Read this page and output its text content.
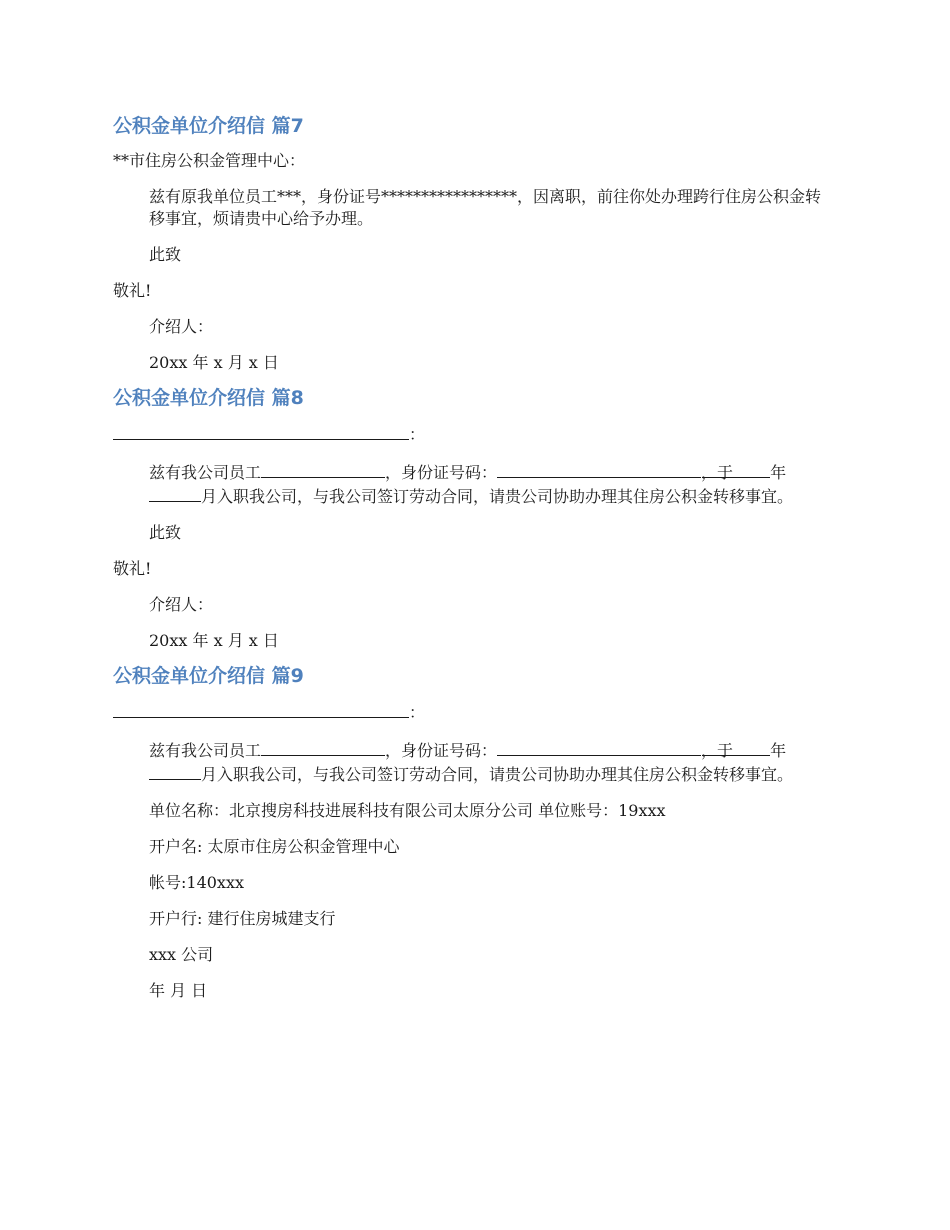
公积金单位介绍信 篇7
**市住房公积金管理中心：
兹有原我单位员工***，身份证号*****************，因离职，前往你处办理跨行住房公积金转移事宜，烦请贵中心给予办理。
此致
敬礼!
介绍人：
20xx 年 x 月 x 日
公积金单位介绍信 篇8
：
兹有我公司员工	，身份证号码：	，于 年月入职我公司，与我公司签订劳动合同，请贵公司协助办理其住房公积金转移事宜。
此致
敬礼!
介绍人：
20xx 年 x 月 x 日
公积金单位介绍信 篇9
：
兹有我公司员工	，身份证号码：	，于 年月入职我公司，与我公司签订劳动合同，请贵公司协助办理其住房公积金转移事宜。
单位名称：北京搜房科技进展科技有限公司太原分公司 单位账号：19xxx
开户名: 太原市住房公积金管理中心
帐号:140xxx
开户行: 建行住房城建支行
xxx 公司
年 月 日
